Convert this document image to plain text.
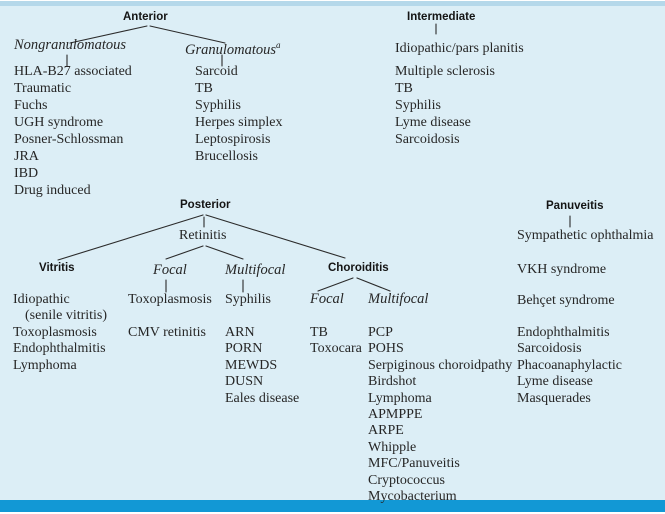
Anterior
Nongranulomatous	Granulomatous$^a$
HLA-B27 associated
Traumatic
Fuchs
UGH syndrome
Posner-Schlossman
JRA
IBD
Drug induced
Sarcoid
TB
Syphilis
Herpes simplex
Leptospirosis
Brucellosis
Intermediate
Idiopathic/pars planitis
Multiple sclerosis
TB
Syphilis
Lyme disease
Sarcoidosis
Posterior
Retinitis
Vitritis	Focal	Multifocal	Choroiditis
Idiopathic
(senile vitritis)
Toxoplasmosis
Endophthalmitis
Lymphoma
Toxoplasmosis
CMV retinitis
Syphilis
ARN
PORN
MEWDS
DUSN
Eales disease
Focal Multifocal
TB
Toxocara
PCP
POHS
Serpiginous choroidpathy
Birdshot
Lymphoma
APMPPE
ARPE
Whipple
MFC/Panuveitis
Cryptococcus
Mycobacterium
Panuveitis
Sympathetic ophthalmia
VKH syndrome
Behçet syndrome
Endophthalmitis
Sarcoidosis
Phacoanaphylactic
Lyme disease
Masquerades
